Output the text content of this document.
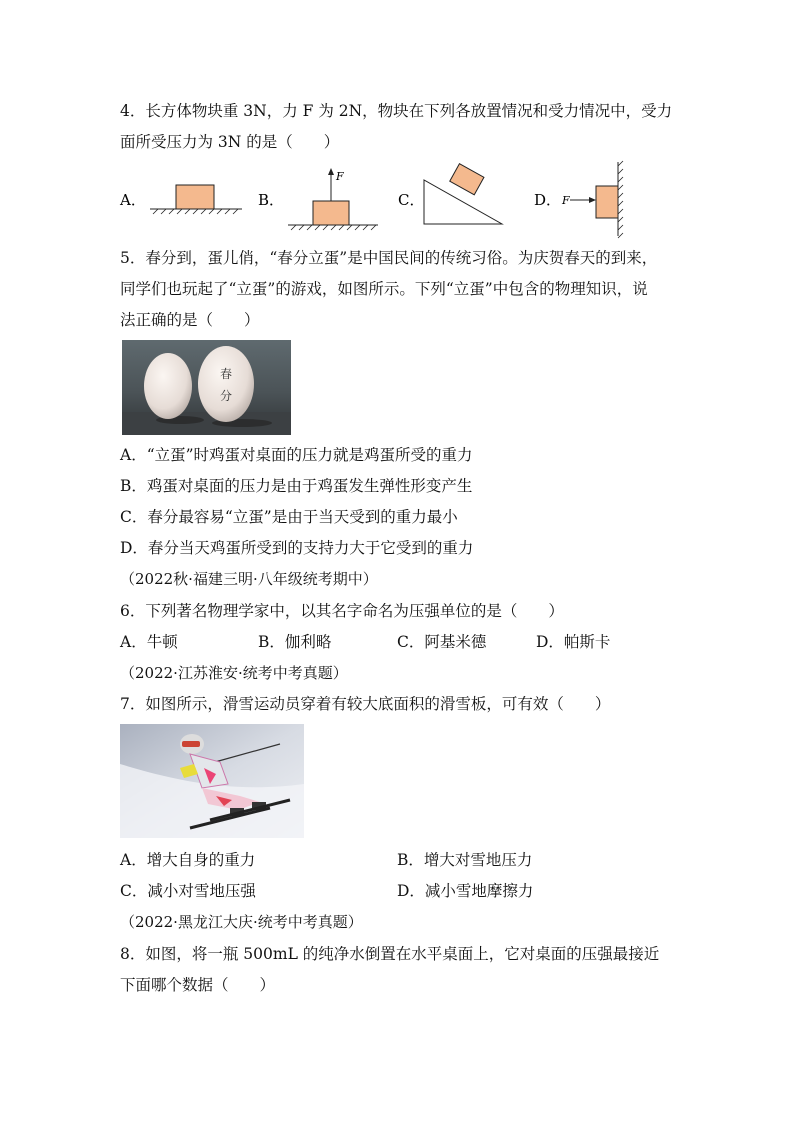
4．长方体物块重 3N，力 F 为 2N，物块在下列各放置情况和受力情况中，受力
面所受压力为 3N 的是（　　）
A．	B．
F
C．	D． F
5．春分到，蛋儿俏，“春分立蛋”是中国民间的传统习俗。为庆贺春天的到来，
同学们也玩起了“立蛋”的游戏，如图所示。下列“立蛋”中包含的物理知识，说
法正确的是（　　）
春
分
A．“立蛋”时鸡蛋对桌面的压力就是鸡蛋所受的重力
B．鸡蛋对桌面的压力是由于鸡蛋发生弹性形变产生
C．春分最容易“立蛋”是由于当天受到的重力最小
D．春分当天鸡蛋所受到的支持力大于它受到的重力
（2022秋·福建三明·八年级统考期中）
6．下列著名物理学家中，以其名字命名为压强单位的是（　　）
A．牛顿	B．伽利略	C．阿基米德	D．帕斯卡
（2022·江苏淮安·统考中考真题）
7．如图所示，滑雪运动员穿着有较大底面积的滑雪板，可有效（　　）
A．增大自身的重力	B．增大对雪地压力
C．减小对雪地压强	D．减小雪地摩擦力
（2022·黑龙江大庆·统考中考真题）
8．如图，将一瓶 500mL 的纯净水倒置在水平桌面上，它对桌面的压强最接近
下面哪个数据（　　）
